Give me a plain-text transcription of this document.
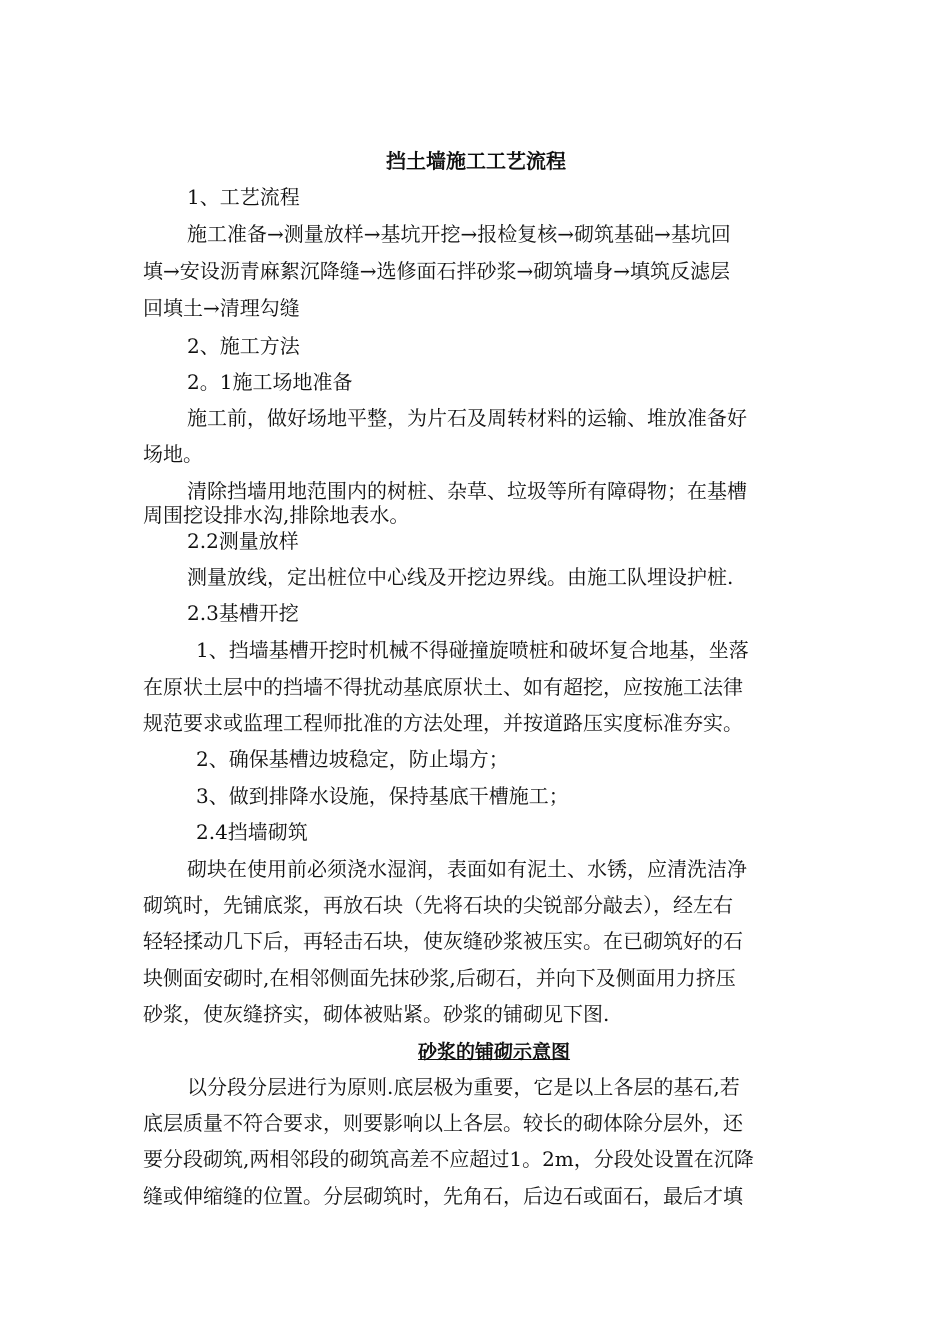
挡土墙施工工艺流程
1、工艺流程
施工准备→测量放样→基坑开挖→报检复核→砌筑基础→基坑回
填→安设沥青麻絮沉降缝→选修面石拌砂浆→砌筑墙身→填筑反滤层
回填土→清理勾缝
2、施工方法
2。1施工场地准备
施工前，做好场地平整，为片石及周转材料的运输、堆放准备好
场地。
清除挡墙用地范围内的树桩、杂草、垃圾等所有障碍物；在基槽
周围挖设排水沟,排除地表水。
2.2测量放样
测量放线，定出桩位中心线及开挖边界线。由施工队埋设护桩.
2.3基槽开挖
1、挡墙基槽开挖时机械不得碰撞旋喷桩和破坏复合地基，坐落
在原状土层中的挡墙不得扰动基底原状土、如有超挖，应按施工法律
规范要求或监理工程师批准的方法处理，并按道路压实度标准夯实。
2、确保基槽边坡稳定，防止塌方；
3、做到排降水设施，保持基底干槽施工；
2.4挡墙砌筑
砌块在使用前必须浇水湿润，表面如有泥土、水锈，应清洗洁净
砌筑时，先铺底浆，再放石块（先将石块的尖锐部分敲去），经左右
轻轻揉动几下后，再轻击石块，使灰缝砂浆被压实。在已砌筑好的石
块侧面安砌时,在相邻侧面先抹砂浆,后砌石，并向下及侧面用力挤压
砂浆，使灰缝挤实，砌体被贴紧。砂浆的铺砌见下图.
砂浆的铺砌示意图
以分段分层进行为原则.底层极为重要，它是以上各层的基石,若
底层质量不符合要求，则要影响以上各层。较长的砌体除分层外，还
要分段砌筑,两相邻段的砌筑高差不应超过1。2m，分段处设置在沉降
缝或伸缩缝的位置。分层砌筑时，先角石，后边石或面石，最后才填
